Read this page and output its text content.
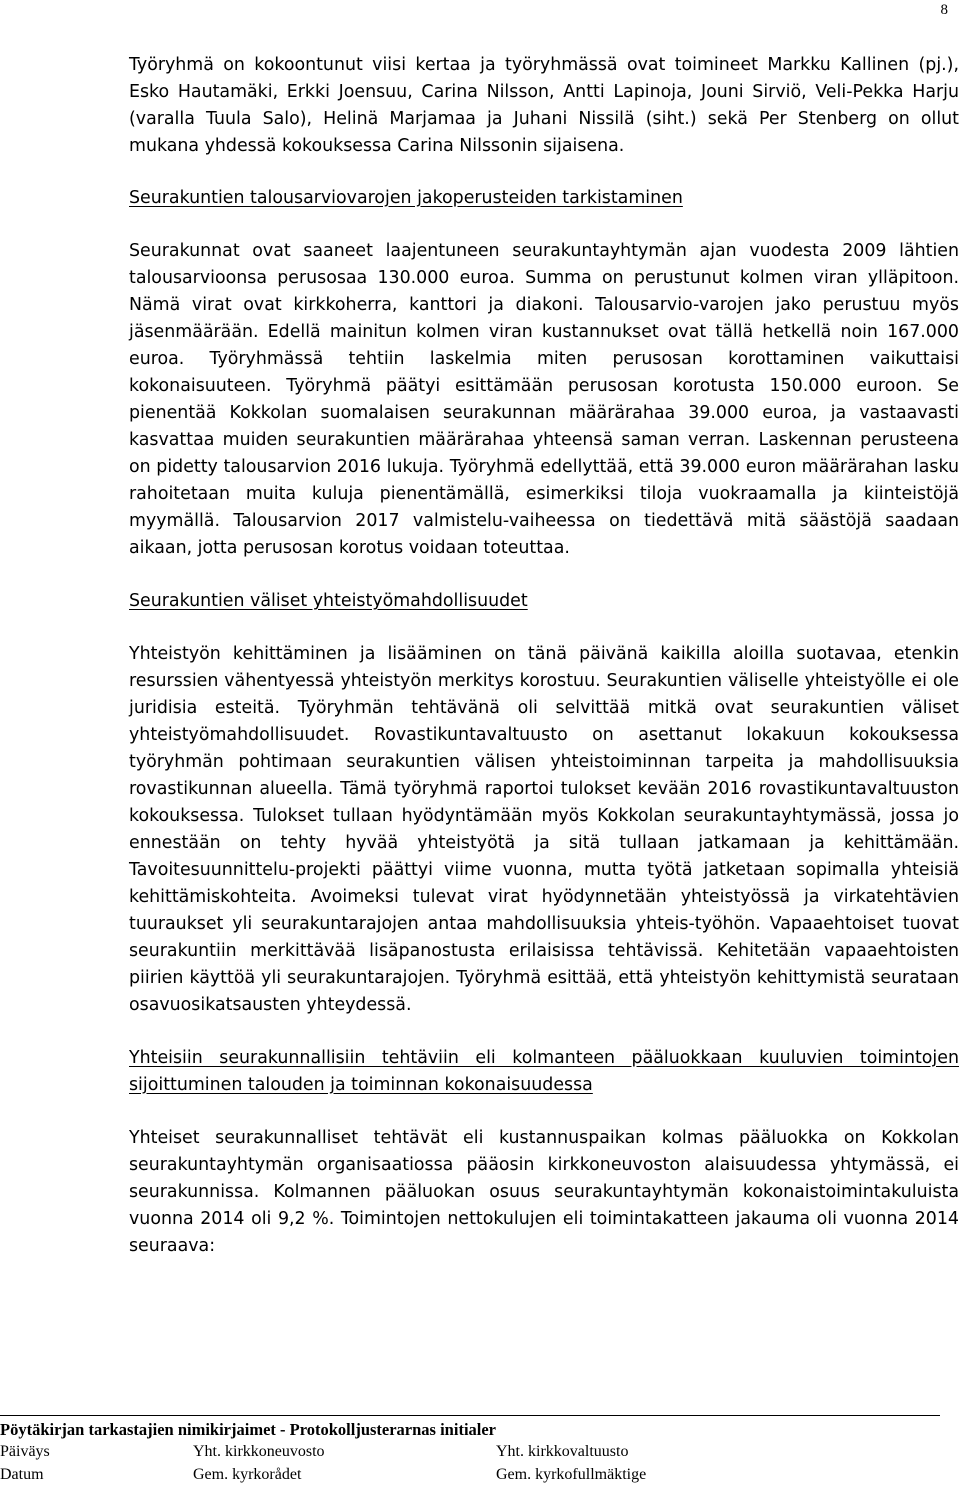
8

Työryhmä on kokoontunut viisi kertaa ja työryhmässä ovat toimineet Markku Kallinen (pj.), Esko Hautamäki, Erkki Joensuu, Carina Nilsson, Antti Lapinoja, Jouni Sirviö, Veli-Pekka Harju (varalla Tuula Salo), Helinä Marjamaa ja Juhani Nissilä (siht.) sekä Per Stenberg on ollut mukana yhdessä kokouksessa Carina Nilssonin sijaisena.

Seurakuntien talousarviovarojen jakoperusteiden tarkistaminen

Seurakunnat ovat saaneet laajentuneen seurakuntayhtymän ajan vuodesta 2009 lähtien talousarvioonsa perusosaa 130.000 euroa. Summa on perustunut kolmen viran ylläpitoon. Nämä virat ovat kirkkoherra, kanttori ja diakoni. Talousarvio-varojen jako perustuu myös jäsenmäärään. Edellä mainitun kolmen viran kustannukset ovat tällä hetkellä noin 167.000 euroa. Työryhmässä tehtiin laskelmia miten perusosan korottaminen vaikuttaisi kokonaisuuteen. Työryhmä päätyi esittämään perusosan korotusta 150.000 euroon. Se pienentää Kokkolan suomalaisen seurakunnan määrärahaa 39.000 euroa, ja vastaavasti kasvattaa muiden seurakuntien määrärahaa yhteensä saman verran. Laskennan perusteena on pidetty talousarvion 2016 lukuja. Työryhmä edellyttää, että 39.000 euron määrärahan lasku rahoitetaan muita kuluja pienentämällä, esimerkiksi tiloja vuokraamalla ja kiinteistöjä myymällä. Talousarvion 2017 valmistelu-vaiheessa on tiedettävä mitä säästöjä saadaan aikaan, jotta perusosan korotus voidaan toteuttaa.

Seurakuntien väliset yhteistyömahdollisuudet

Yhteistyön kehittäminen ja lisääminen on tänä päivänä kaikilla aloilla suotavaa, etenkin resurssien vähentyessä yhteistyön merkitys korostuu. Seurakuntien väliselle yhteistyölle ei ole juridisia esteitä. Työryhmän tehtävänä oli selvittää mitkä ovat seurakuntien väliset yhteistyömahdollisuudet. Rovastikuntavaltuusto on asettanut lokakuun kokouksessa työryhmän pohtimaan seurakuntien välisen yhteistoiminnan tarpeita ja mahdollisuuksia rovastikunnan alueella. Tämä työryhmä raportoi tulokset kevään 2016 rovastikuntavaltuuston kokouksessa. Tulokset tullaan hyödyntämään myös Kokkolan seurakuntayhtymässä, jossa jo ennestään on tehty hyvää yhteistyötä ja sitä tullaan jatkamaan ja kehittämään. Tavoitesuunnittelu-projekti päättyi viime vuonna, mutta työtä jatketaan sopimalla yhteisiä kehittämiskohteita. Avoimeksi tulevat virat hyödynnetään yhteistyössä ja virkatehtävien tuuraukset yli seurakuntarajojen antaa mahdollisuuksia yhteis-työhön. Vapaaehtoiset tuovat seurakuntiin merkittävää lisäpanostusta erilaisissa tehtävissä. Kehitetään vapaaehtoisten piirien käyttöä yli seurakuntarajojen. Työryhmä esittää, että yhteistyön kehittymistä seurataan osavuosikatsausten yhteydessä.

Yhteisiin seurakunnallisiin tehtäviin eli kolmanteen pääluokkaan kuuluvien toimintojen sijoittuminen talouden ja toiminnan kokonaisuudessa

Yhteiset seurakunnalliset tehtävät eli kustannuspaikan kolmas pääluokka on Kokkolan seurakuntayhtymän organisaatiossa pääosin kirkkoneuvoston alaisuudessa yhtymässä, ei seurakunnissa. Kolmannen pääluokan osuus seurakuntayhtymän kokonaistoimintakuluista vuonna 2014 oli 9,2 %. Toimintojen nettokulujen eli toimintakatteen jakauma oli vuonna 2014 seuraava:

Pöytäkirjan tarkastajien nimikirjaimet - Protokolljusterarnas initialer
Päiväys	Yht. kirkkoneuvosto	Yht. kirkkovaltuusto
Datum	Gem. kyrkorådet	Gem. kyrkofullmäktige
